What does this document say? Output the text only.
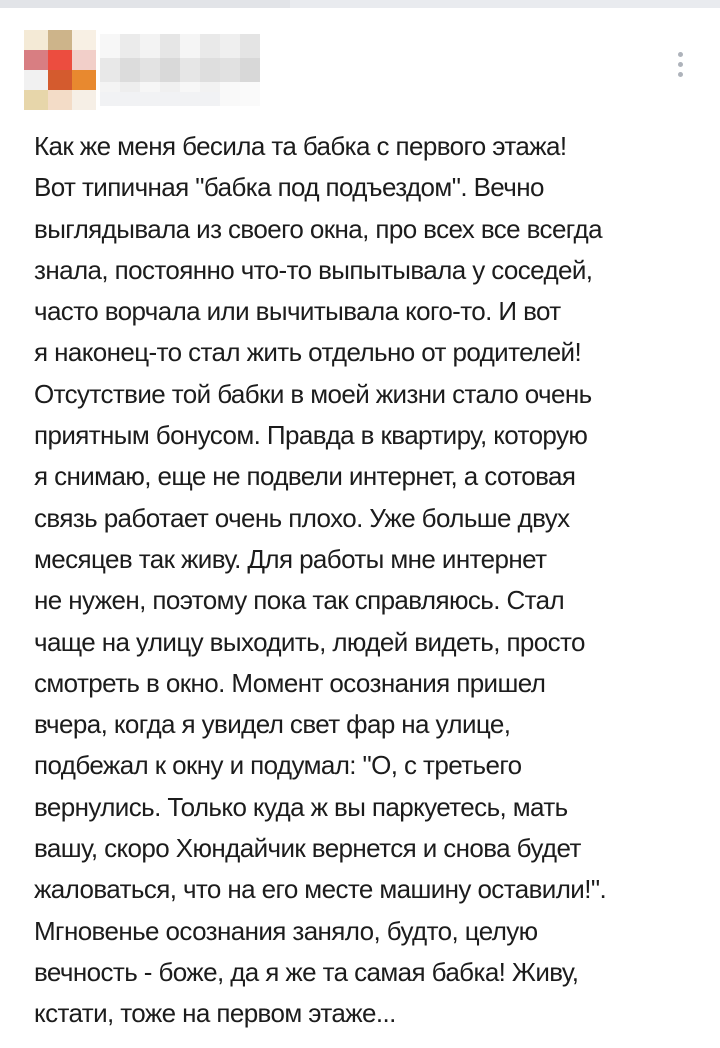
Как же меня бесила та бабка с первого этажа!
Вот типичная "бабка под подъездом". Вечно
выглядывала из своего окна, про всех все всегда
знала, постоянно что-то выпытывала у соседей,
часто ворчала или вычитывала кого-то. И вот
я наконец-то стал жить отдельно от родителей!
Отсутствие той бабки в моей жизни стало очень
приятным бонусом. Правда в квартиру, которую
я снимаю, еще не подвели интернет, а сотовая
связь работает очень плохо. Уже больше двух
месяцев так живу. Для работы мне интернет
не нужен, поэтому пока так справляюсь. Стал
чаще на улицу выходить, людей видеть, просто
смотреть в окно. Момент осознания пришел
вчера, когда я увидел свет фар на улице,
подбежал к окну и подумал: "О, с третьего
вернулись. Только куда ж вы паркуетесь, мать
вашу, скоро Хюндайчик вернется и снова будет
жаловаться, что на его месте машину оставили!".
Мгновенье осознания заняло, будто, целую
вечность - боже, да я же та самая бабка! Живу,
кстати, тоже на первом этаже...
